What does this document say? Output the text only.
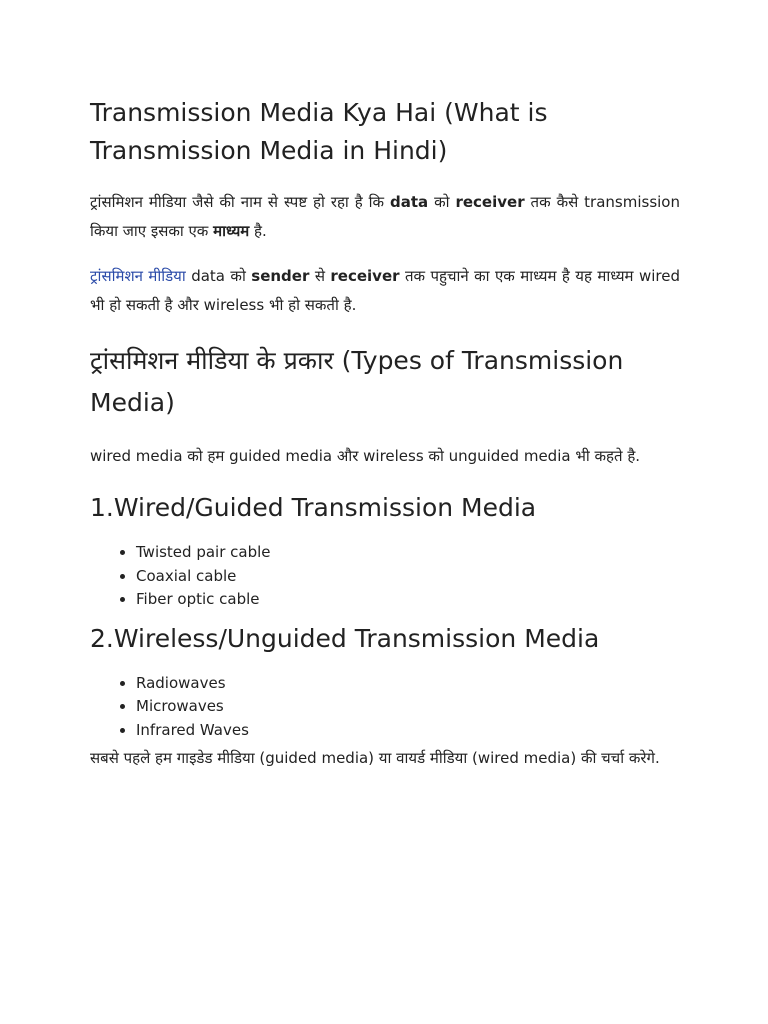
Transmission Media Kya Hai (What is Transmission Media in Hindi)

ट्रांसमिशन मीडिया जैसे की नाम से स्पष्ट हो रहा है कि data को receiver तक कैसे transmission किया जाए इसका एक माध्यम है.

ट्रांसमिशन मीडिया data को sender से receiver तक पहुचाने का एक माध्यम है यह माध्यम wired भी हो सकती है और wireless भी हो सकती है.

ट्रांसमिशन मीडिया के प्रकार (Types of Transmission Media)

wired media को हम guided media और wireless को unguided media भी कहते है.

1.Wired/Guided Transmission Media
• Twisted pair cable
• Coaxial cable
• Fiber optic cable
2.Wireless/Unguided Transmission Media
• Radiowaves
• Microwaves
• Infrared Waves

सबसे पहले हम गाइडेड मीडिया (guided media) या वायर्ड मीडिया (wired media) की चर्चा करेगे.
